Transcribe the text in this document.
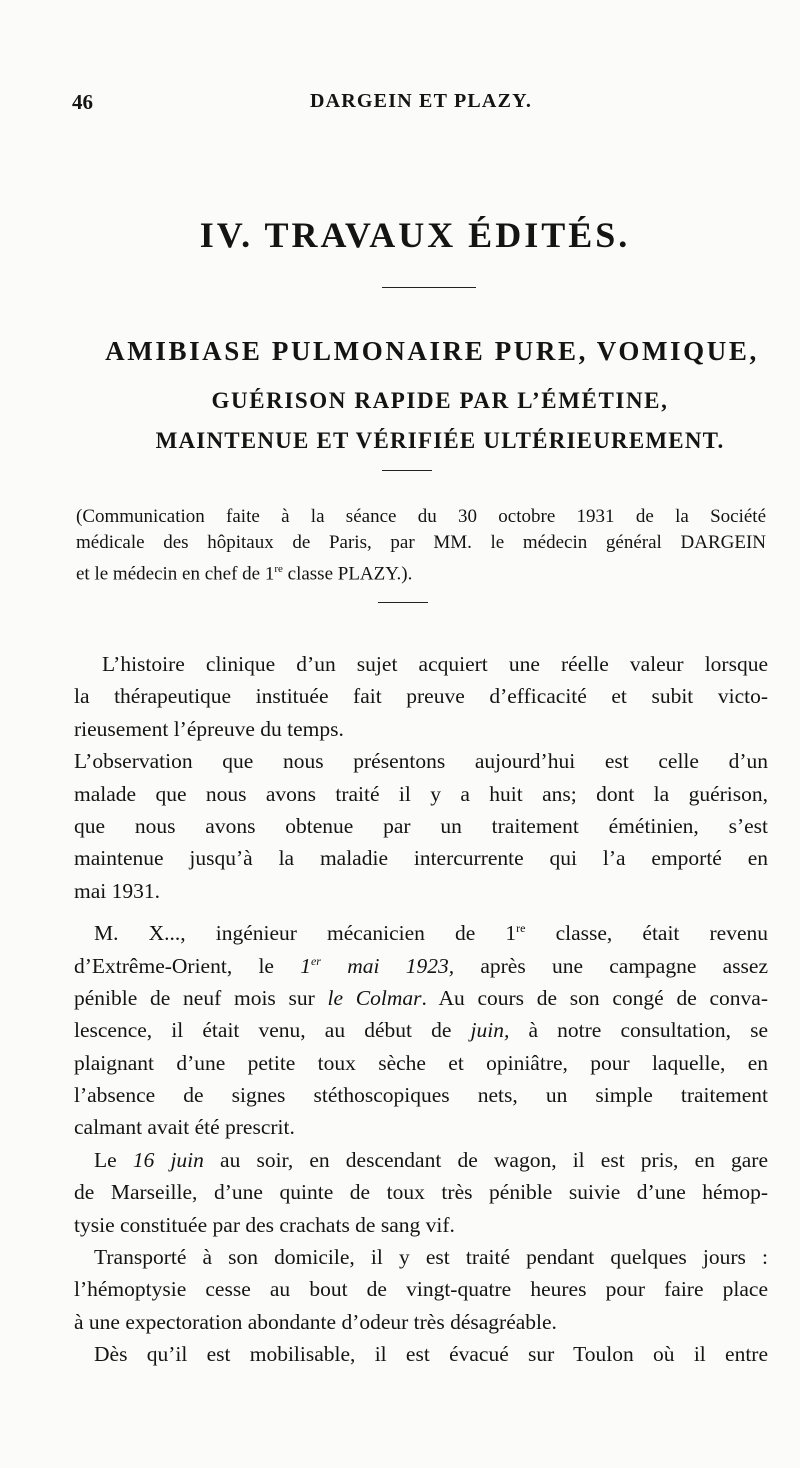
46	DARGEIN ET PLAZY.
IV. TRAVAUX ÉDITÉS.
AMIBIASE PULMONAIRE PURE, VOMIQUE,
GUÉRISON RAPIDE PAR L’ÉMÉTINE,
MAINTENUE ET VÉRIFIÉE ULTÉRIEUREMENT.
(Communication faite à la séance du 30 octobre 1931 de la Société
médicale des hôpitaux de Paris, par MM. le médecin général DARGEIN
et le médecin en chef de 1re classe PLAZY.).
L’histoire clinique d’un sujet acquiert une réelle valeur lorsque
la thérapeutique instituée fait preuve d’efficacité et subit victo-
rieusement l’épreuve du temps.
L’observation que nous présentons aujourd’hui est celle d’un
malade que nous avons traité il y a huit ans; dont la guérison,
que nous avons obtenue par un traitement émétinien, s’est
maintenue jusqu’à la maladie intercurrente qui l’a emporté en
mai 1931.
M. X..., ingénieur mécanicien de 1re classe, était revenu
d’Extrême-Orient, le 1er mai 1923, après une campagne assez
pénible de neuf mois sur le Colmar. Au cours de son congé de conva-
lescence, il était venu, au début de juin, à notre consultation, se
plaignant d’une petite toux sèche et opiniâtre, pour laquelle, en
l’absence de signes stéthoscopiques nets, un simple traitement
calmant avait été prescrit.
Le 16 juin au soir, en descendant de wagon, il est pris, en gare
de Marseille, d’une quinte de toux très pénible suivie d’une hémop-
tysie constituée par des crachats de sang vif.
Transporté à son domicile, il y est traité pendant quelques jours :
l’hémoptysie cesse au bout de vingt-quatre heures pour faire place
à une expectoration abondante d’odeur très désagréable.
Dès qu’il est mobilisable, il est évacué sur Toulon où il entre
